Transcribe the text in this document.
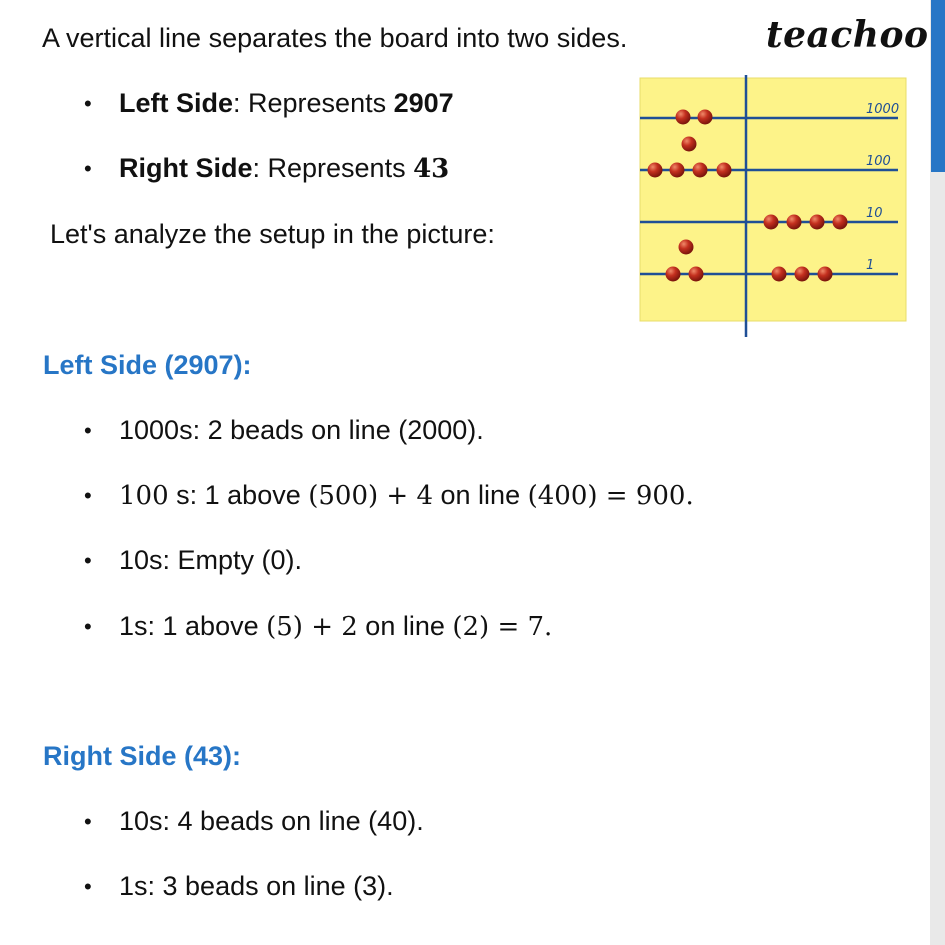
teachoo
A vertical line separates the board into two sides.
• Left Side: Represents 2907
• Right Side: Represents 43
Let's analyze the setup in the picture:
1000
100
10
1
Left Side (2907):
• 1000s: 2 beads on line (2000).
• 100 s: 1 above (500) + 4 on line (400) = 900.
• 10s: Empty (0).
• 1s: 1 above (5) + 2 on line (2) = 7.
Right Side (43):
• 10s: 4 beads on line (40).
• 1s: 3 beads on line (3).
